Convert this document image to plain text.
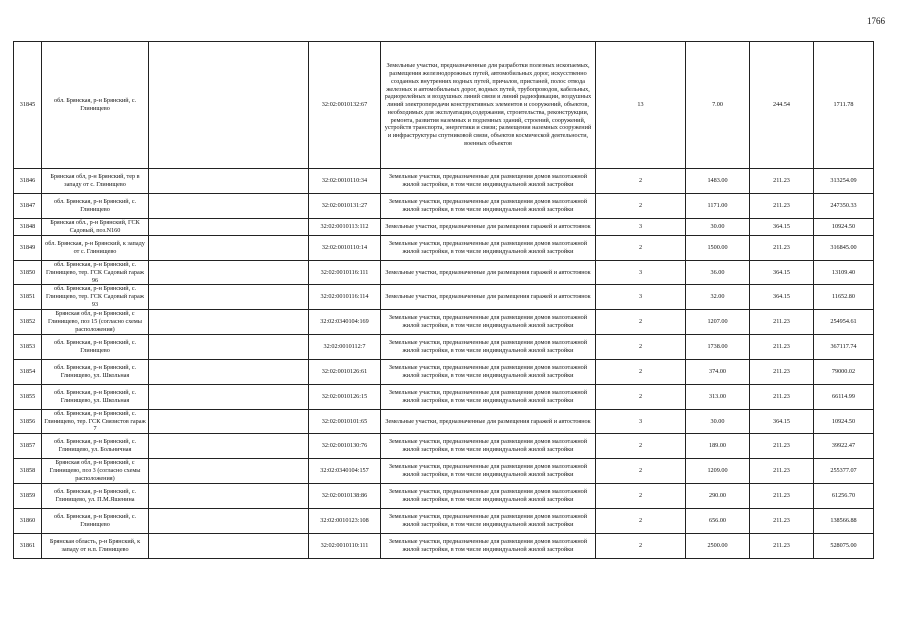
1766
31845	обл. Брянская, р-н Брянский, с. Глинищево		32:02:0010132:67	Земельные участки, предназначенные для разработки полезных ископаемых, размещения железнодорожных путей, автомобильных дорог, искусственно созданных внутренних водных путей, причалов, пристаней, полос отвода железных и автомобильных дорог, водных путей, трубопроводов, кабельных, радиорелейных и воздушных линий связи и линий радиофикации, воздушных линий электропередачи конструктивных элементов и сооружений, объектов, необходимых для эксплуатации,содержания, строительства, реконструкции, ремонта, развития наземных и подземных зданий, строений, сооружений, устройств транспорта, энергетики и связи; размещения наземных сооружений и инфраструктуры спутниковой связи, объектов космической деятельности, военных объектов	13	7.00	244.54	1711.78
31846	Брянская обл, р-н Брянский, тер в западу от с. Глинищево		32:02:0010110:34	Земельные участки, предназначенные для размещения домов малоэтажной жилой застройки, в том числе индивидуальной жилой застройки	2	1483.00	211.23	313254.09
31847	обл. Брянская, р-н Брянский, с. Глинищево		32:02:0010131:27	Земельные участки, предназначенные для размещения домов малоэтажной жилой застройки, в том числе индивидуальной жилой застройки	2	1171.00	211.23	247350.33
31848	Брянская обл., р-н Брянский, ГСК Садовый, поз.N160		32:02:0010113:112	Земельные участки, предназначенные для размещения гаражей и автостоянок	3	30.00	364.15	10924.50
31849	обл. Брянская, р-н Брянский, к западу от с. Глинищево		32:02:0010110:14	Земельные участки, предназначенные для размещения домов малоэтажной жилой застройки, в том числе индивидуальной жилой застройки	2	1500.00	211.23	316845.00
31850	обл. Брянская, р-н Брянский, с. Глинищево, тер. ГСК Садовый гараж 96		32:02:0010116:111	Земельные участки, предназначенные для размещения гаражей и автостоянок	3	36.00	364.15	13109.40
31851	обл. Брянская, р-н Брянский, с. Глинищево, тер. ГСК Садовый гараж 93		32:02:0010116:114	Земельные участки, предназначенные для размещения гаражей и автостоянок	3	32.00	364.15	11652.80
31852	Брянская обл, р-н Брянский, с Глинищево, поз 15 (согласно схемы расположения)		32:02:0340104:169	Земельные участки, предназначенные для размещения домов малоэтажной жилой застройки, в том числе индивидуальной жилой застройки	2	1207.00	211.23	254954.61
31853	обл. Брянская, р-н Брянский, с. Глинищево		32:02:0010112:7	Земельные участки, предназначенные для размещения домов малоэтажной жилой застройки, в том числе индивидуальной жилой застройки	2	1738.00	211.23	367117.74
31854	обл. Брянская, р-н Брянский, с. Глинищево, ул. Школьная		32:02:0010126:61	Земельные участки, предназначенные для размещения домов малоэтажной жилой застройки, в том числе индивидуальной жилой застройки	2	374.00	211.23	79000.02
31855	обл. Брянская, р-н Брянский, с. Глинищево, ул. Школьная		32:02:0010126:15	Земельные участки, предназначенные для размещения домов малоэтажной жилой застройки, в том числе индивидуальной жилой застройки	2	313.00	211.23	66114.99
31856	обл. Брянская, р-н Брянский, с. Глинищево, тер. ГСК Связистов гараж 7		32:02:0010101:65	Земельные участки, предназначенные для размещения гаражей и автостоянок	3	30.00	364.15	10924.50
31857	обл. Брянская, р-н Брянский, с. Глинищево, ул. Больничная		32:02:0010130:76	Земельные участки, предназначенные для размещения домов малоэтажной жилой застройки, в том числе индивидуальной жилой застройки	2	189.00	211.23	39922.47
31858	Брянская обл, р-н Брянский, с Глинищево, поз 3 (согласно схемы расположения)		32:02:0340104:157	Земельные участки, предназначенные для размещения домов малоэтажной жилой застройки, в том числе индивидуальной жилой застройки	2	1209.00	211.23	255377.07
31859	обл. Брянская, р-н Брянский, с. Глинищево, ул. П.М.Яшенина		32:02:0010138:86	Земельные участки, предназначенные для размещения домов малоэтажной жилой застройки, в том числе индивидуальной жилой застройки	2	290.00	211.23	61256.70
31860	обл. Брянская, р-н Брянский, с. Глинищево		32:02:0010123:108	Земельные участки, предназначенные для размещения домов малоэтажной жилой застройки, в том числе индивидуальной жилой застройки	2	656.00	211.23	138566.88
31861	Брянская область, р-н Брянский, к западу от н.п. Глинищево		32:02:0010110:111	Земельные участки, предназначенные для размещения домов малоэтажной жилой застройки, в том числе индивидуальной жилой застройки	2	2500.00	211.23	528075.00
